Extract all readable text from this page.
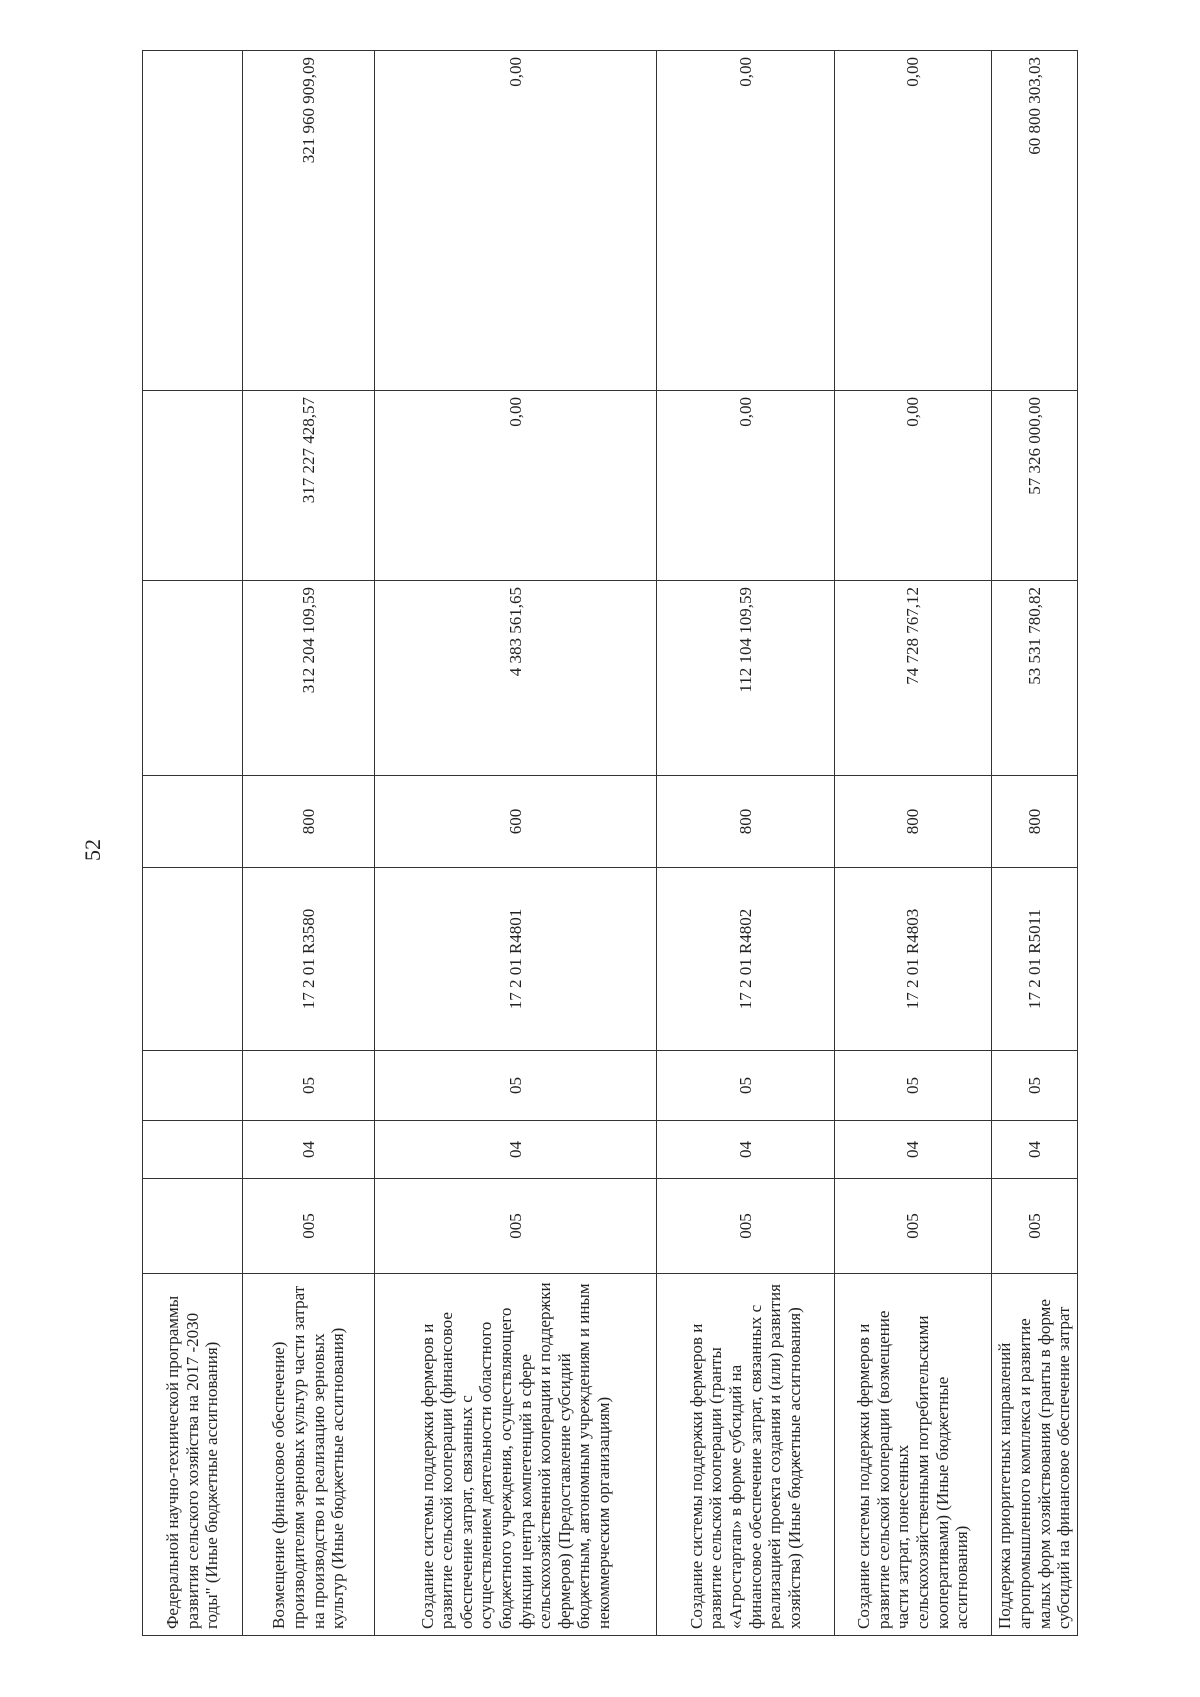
52
Федеральной научно-технической программы развития сельского хозяйства на 2017 -2030 годы" (Иные бюджетные ассигнования)								
Возмещение (финансовое обеспечение) производителям зерновых культур части затрат на производство и реализацию зерновых культур (Иные бюджетные ассигнования)	005	04	05	17 2 01 R3580	800	312 204 109,59	317 227 428,57	321 960 909,09
Создание системы поддержки фермеров и развитие сельской кооперации (финансовое обеспечение затрат, связанных с осуществлением деятельности областного бюджетного учреждения, осуществляющего функции центра компетенций в сфере сельскохозяйственной кооперации и поддержки фермеров) (Предоставление субсидий бюджетным, автономным учреждениям и иным некоммерческим организациям)	005	04	05	17 2 01 R4801	600	4 383 561,65	0,00	0,00
Создание системы поддержки фермеров и развитие сельской кооперации (гранты «Агростартап» в форме субсидий на финансовое обеспечение затрат, связанных с реализацией проекта создания и (или) развития хозяйства) (Иные бюджетные ассигнования)	005	04	05	17 2 01 R4802	800	112 104 109,59	0,00	0,00
Создание системы поддержки фермеров и развитие сельской кооперации (возмещение части затрат, понесенных сельскохозяйственными потребительскими кооперативами) (Иные бюджетные ассигнования)	005	04	05	17 2 01 R4803	800	74 728 767,12	0,00	0,00
Поддержка приоритетных направлений агропромышленного комплекса и развитие малых форм хозяйствования (гранты в форме субсидий на финансовое обеспечение затрат	005	04	05	17 2 01 R5011	800	53 531 780,82	57 326 000,00	60 800 303,03
